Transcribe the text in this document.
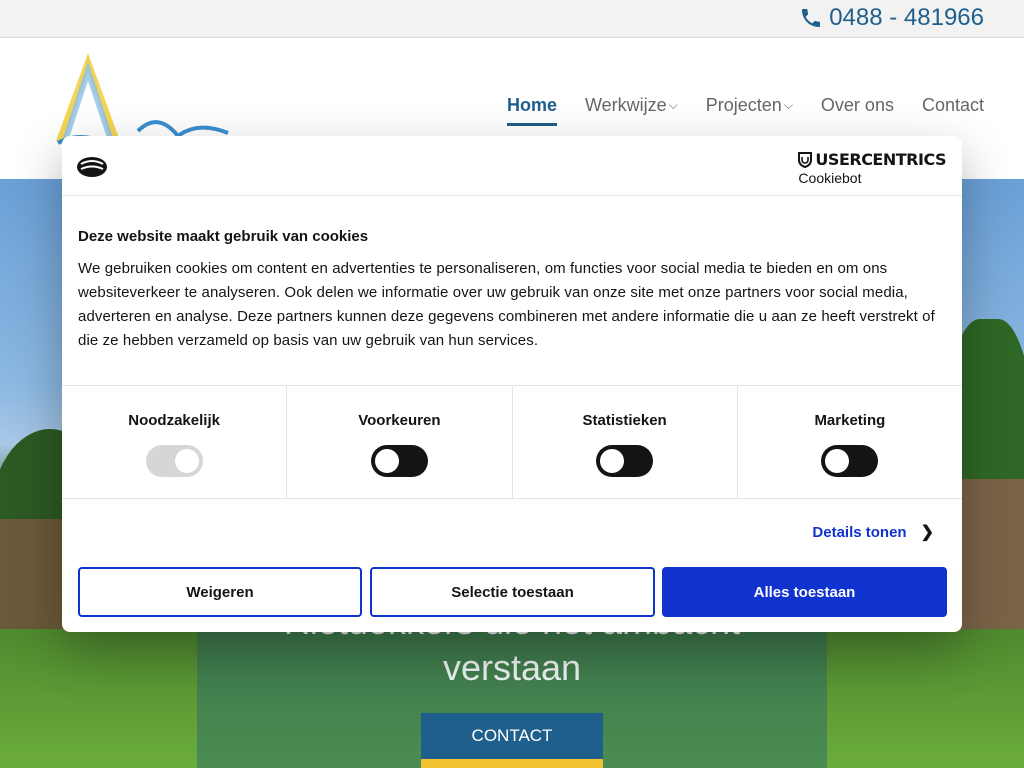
0488 - 481966
Home Werkwijze ⌵ Projecten ⌵ Over ons Contact
verstaan
CONTACT
USERCENTRICS
Cookiebot
Deze website maakt gebruik van cookies
We gebruiken cookies om content en advertenties te personaliseren, om functies voor social media te bieden en om ons websiteverkeer te analyseren. Ook delen we informatie over uw gebruik van onze site met onze partners voor social media, adverteren en analyse. Deze partners kunnen deze gegevens combineren met andere informatie die u aan ze heeft verstrekt of die ze hebben verzameld op basis van uw gebruik van hun services.
Noodzakelijk	Voorkeuren	Statistieken	Marketing
Details tonen ❯
Weigeren	Selectie toestaan	Alles toestaan
